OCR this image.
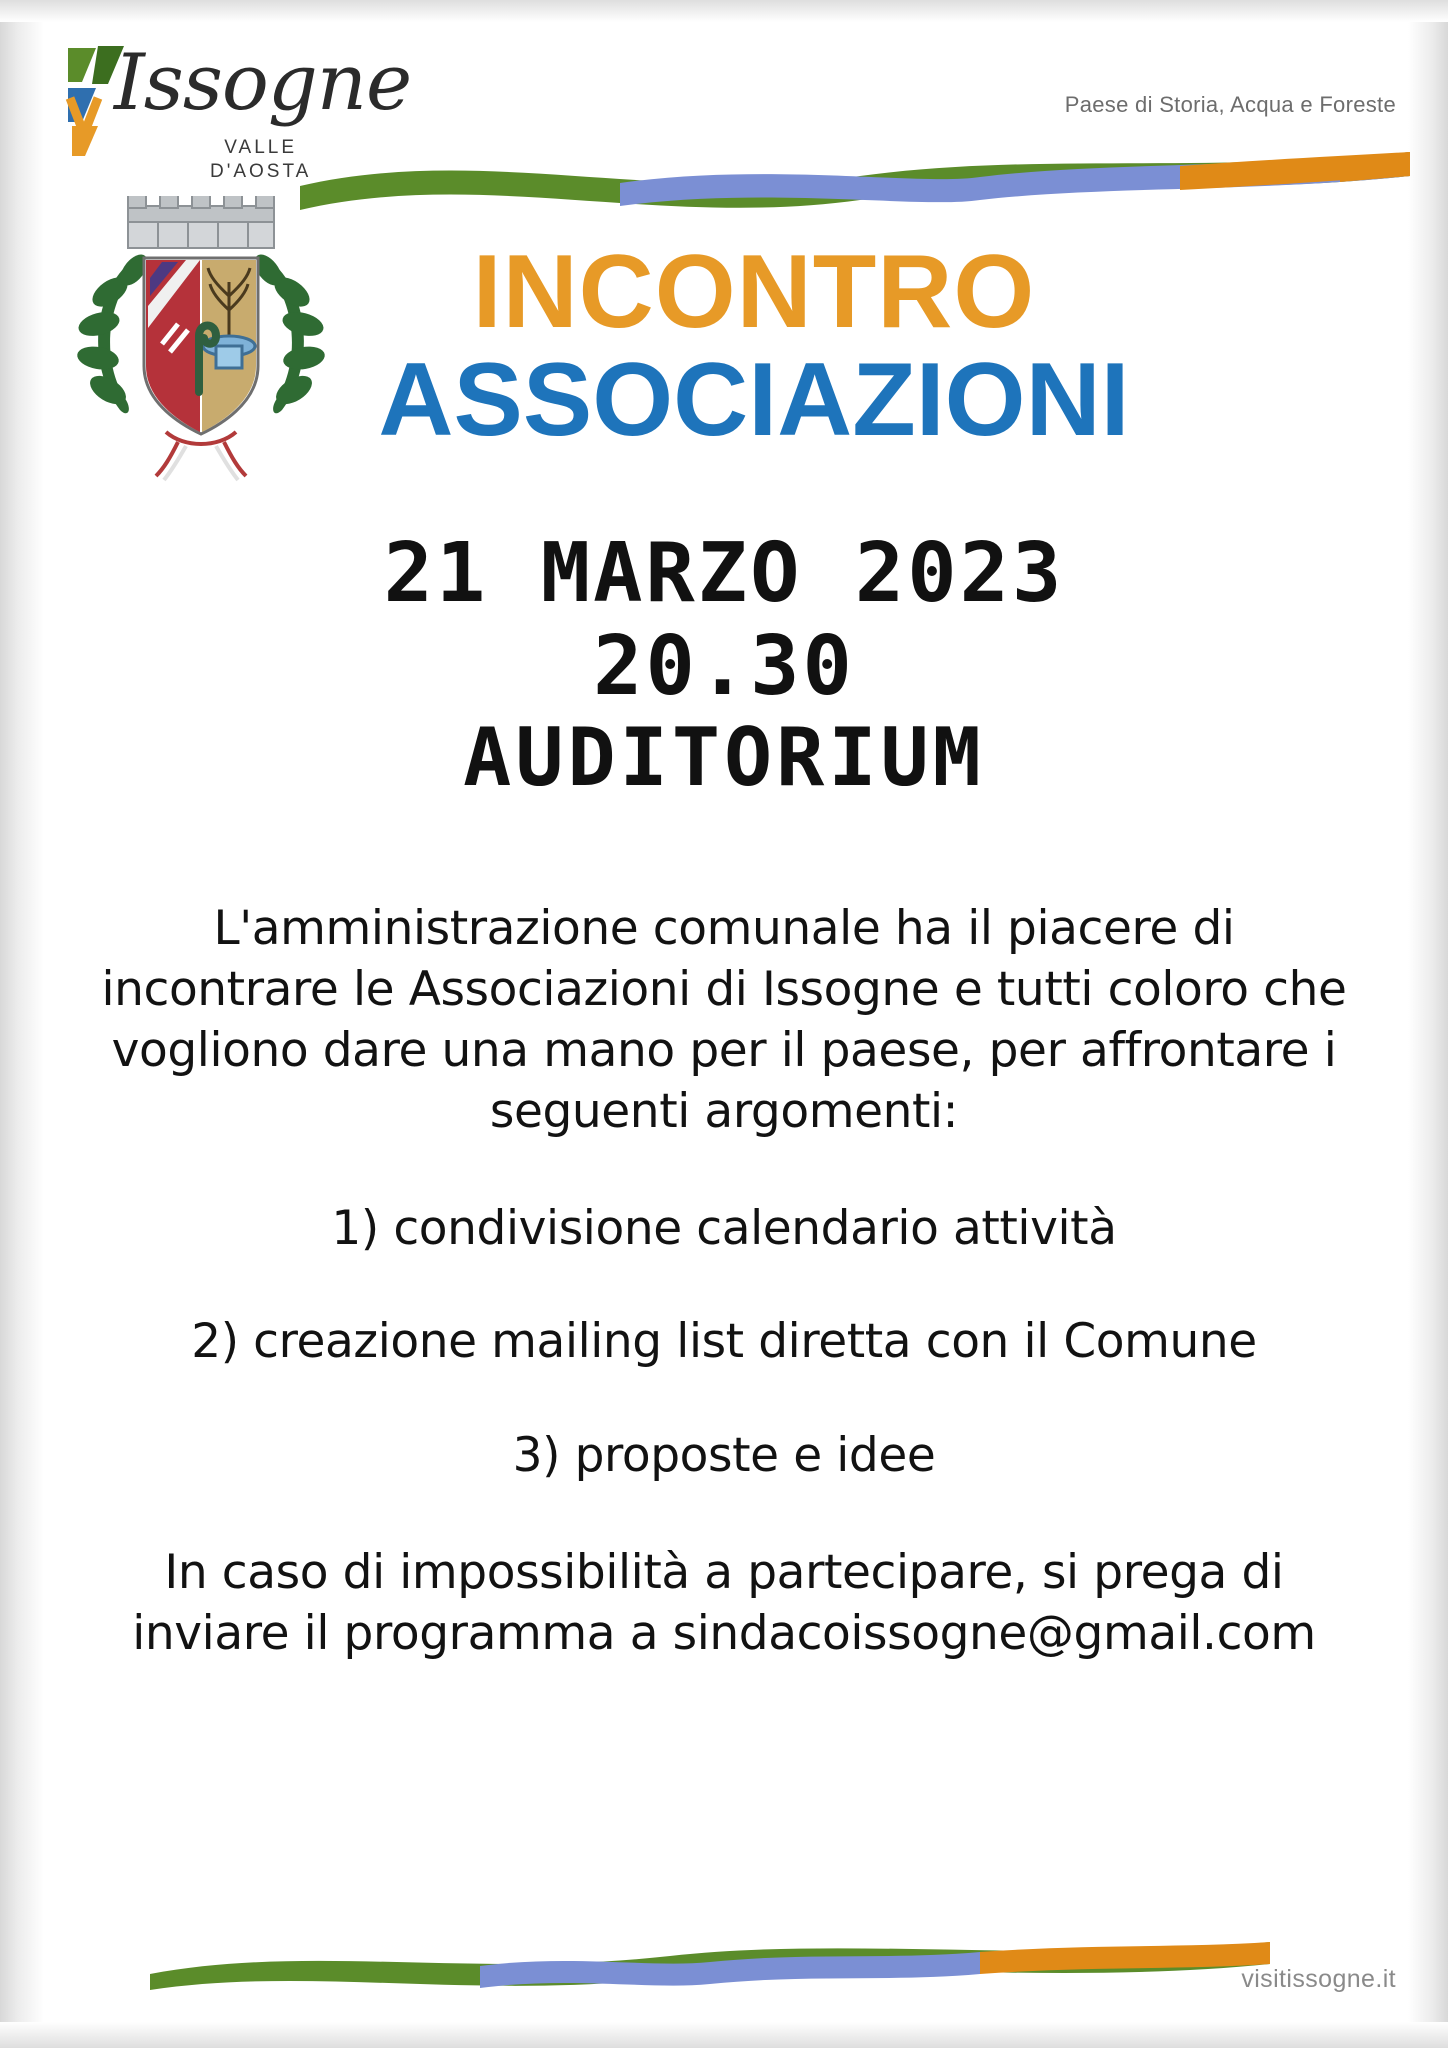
Issogne
VALLE
D'AOSTA
Paese di Storia, Acqua e Foreste
INCONTRO
ASSOCIAZIONI
21 MARZO 2023
20.30
AUDITORIUM

L'amministrazione comunale ha il piacere di incontrare le Associazioni di Issogne e tutti coloro che vogliono dare una mano per il paese, per affrontare i seguenti argomenti:

1) condivisione calendario attività

2) creazione mailing list diretta con il Comune

3) proposte e idee

In caso di impossibilità a partecipare, si prega di inviare il programma a sindacoissogne@gmail.com

visitissogne.it
